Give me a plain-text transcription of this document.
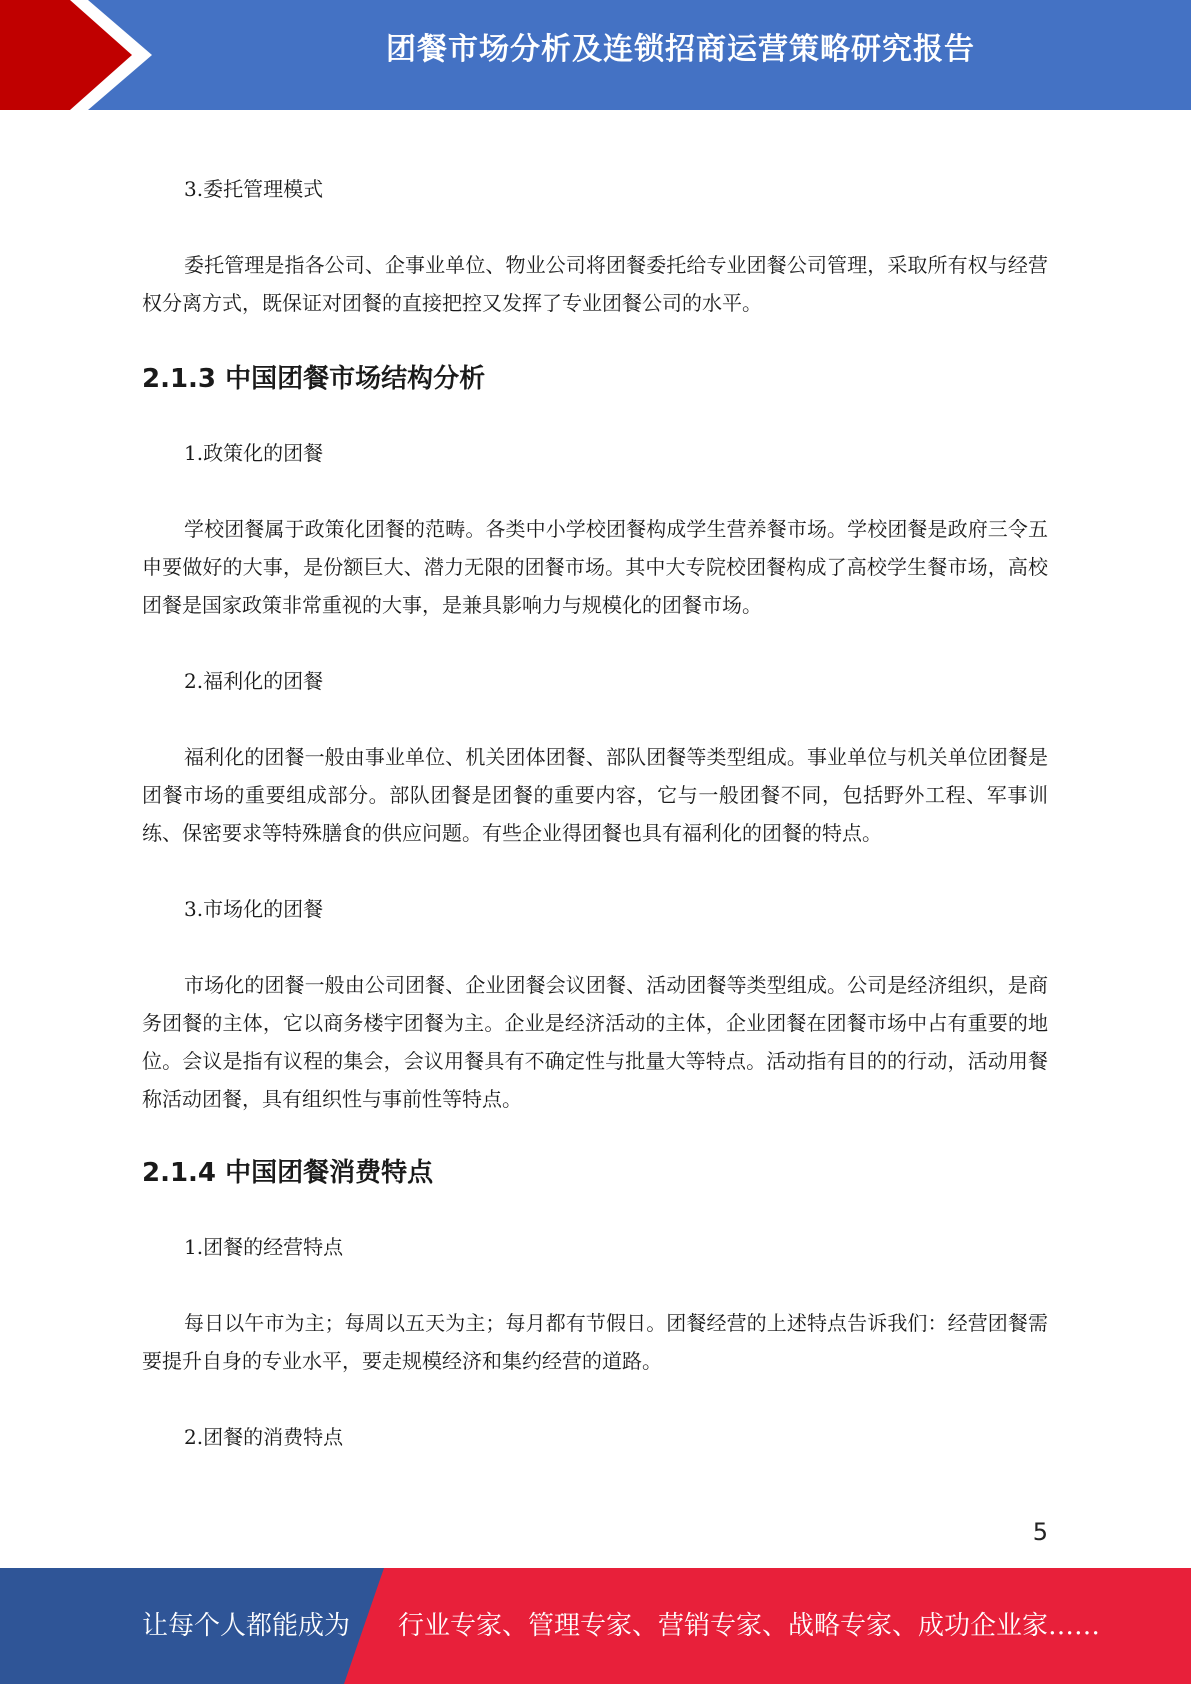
团餐市场分析及连锁招商运营策略研究报告

3.委托管理模式

委托管理是指各公司、企事业单位、物业公司将团餐委托给专业团餐公司管理，采取所有权与经营权分离方式，既保证对团餐的直接把控又发挥了专业团餐公司的水平。

2.1.3 中国团餐市场结构分析

1.政策化的团餐

学校团餐属于政策化团餐的范畴。各类中小学校团餐构成学生营养餐市场。学校团餐是政府三令五申要做好的大事，是份额巨大、潜力无限的团餐市场。其中大专院校团餐构成了高校学生餐市场，高校团餐是国家政策非常重视的大事，是兼具影响力与规模化的团餐市场。

2.福利化的团餐

福利化的团餐一般由事业单位、机关团体团餐、部队团餐等类型组成。事业单位与机关单位团餐是团餐市场的重要组成部分。部队团餐是团餐的重要内容，它与一般团餐不同，包括野外工程、军事训练、保密要求等特殊膳食的供应问题。有些企业得团餐也具有福利化的团餐的特点。

3.市场化的团餐

市场化的团餐一般由公司团餐、企业团餐会议团餐、活动团餐等类型组成。公司是经济组织，是商务团餐的主体，它以商务楼宇团餐为主。企业是经济活动的主体，企业团餐在团餐市场中占有重要的地位。会议是指有议程的集会，会议用餐具有不确定性与批量大等特点。活动指有目的的行动，活动用餐称活动团餐，具有组织性与事前性等特点。

2.1.4 中国团餐消费特点

1.团餐的经营特点

每日以午市为主；每周以五天为主；每月都有节假日。团餐经营的上述特点告诉我们：经营团餐需要提升自身的专业水平，要走规模经济和集约经营的道路。

2.团餐的消费特点

5
让每个人都能成为 行业专家、管理专家、营销专家、战略专家、成功企业家……
